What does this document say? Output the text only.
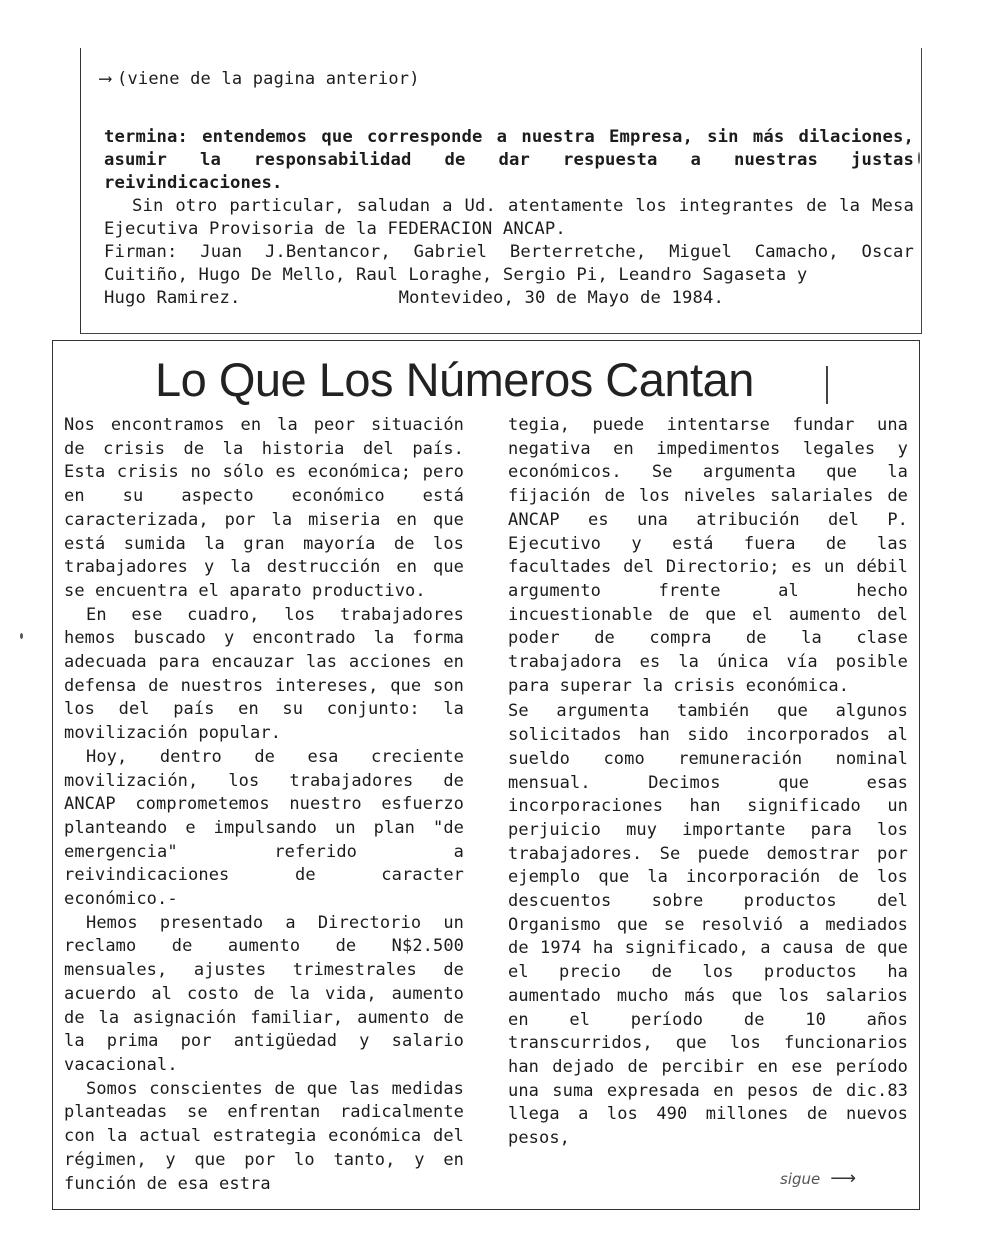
⟶ (viene de la pagina anterior)

termina: entendemos que corresponde a nuestra Empresa, sin más dilaciones, asumir la responsabilidad de dar respuesta a nuestras justas reivindicaciones.

Sin otro particular, saludan a Ud. atentamente los integrantes de la Mesa Ejecutiva Provisoria de la FEDERACION ANCAP.

Firman: Juan J.Bentancor, Gabriel Berterretche, Miguel Camacho, Oscar Cuitiño, Hugo De Mello, Raul Loraghe, Sergio Pi, Leandro Sagaseta y

Hugo Ramirez.	Montevideo, 30 de Mayo de 1984.
Lo Que Los Números Cantan

Nos encontramos en la peor situación de crisis de la historia del país. Esta crisis no sólo es económica; pero en su aspecto económico está caracterizada, por la miseria en que está sumida la gran mayoría de los trabajadores y la destrucción en que se encuentra el aparato productivo.

En ese cuadro, los trabajadores hemos buscado y encontrado la forma adecuada para encauzar las acciones en defensa de nuestros intereses, que son los del país en su conjunto: la movilización popular.

Hoy, dentro de esa creciente movilización, los trabajadores de ANCAP comprometemos nuestro esfuerzo planteando e impulsando un plan "de emergencia" referido a reivindicaciones de caracter económico.-

Hemos presentado a Directorio un reclamo de aumento de N$2.500 mensuales, ajustes trimestrales de acuerdo al costo de la vida, aumento de la asignación familiar, aumento de la prima por antigüedad y salario vacacional.

Somos conscientes de que las medidas planteadas se enfrentan radicalmente con la actual estrategia económica del régimen, y que por lo tanto, y en función de esa estra

tegia, puede intentarse fundar una negativa en impedimentos legales y económicos. Se argumenta que la fijación de los niveles salariales de ANCAP es una atribución del P. Ejecutivo y está fuera de las facultades del Directorio; es un débil argumento frente al hecho incuestionable de que el aumento del poder de compra de la clase trabajadora es la única vía posible para superar la crisis económica.

Se argumenta también que algunos solicitados han sido incorporados al sueldo como remuneración nominal mensual. Decimos que esas incorporaciones han significado un perjuicio muy importante para los trabajadores. Se puede demostrar por ejemplo que la incorporación de los descuentos sobre productos del Organismo que se resolvió a mediados de 1974 ha significado, a causa de que el precio de los productos ha aumentado mucho más que los salarios en el período de 10 años transcurridos, que los funcionarios han dejado de percibir en ese período una suma expresada en pesos de dic.83 llega a los 490 millones de nuevos pesos,

sigue ⟶
